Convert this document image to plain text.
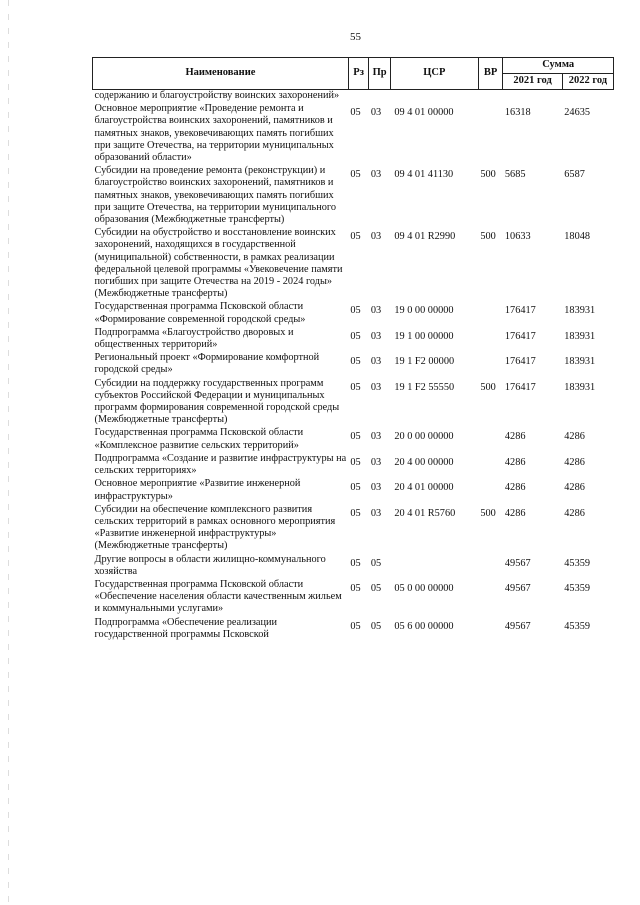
55
Наименование	Рз	Пр	ЦСР	ВР	Сумма	
					2021 год	2022 год
содержанию и благоустройству воинских захоронений»						
Основное мероприятие «Проведение ремонта и благоустройства воинских захоронений, памятников и памятных знаков, увековечивающих память погибших при защите Отечества, на территории муниципальных образований области»	05	03	09 4 01 00000		16318	24635
Субсидии на проведение ремонта (реконструкции) и благоустройство воинских захоронений, памятников и памятных знаков, увековечивающих память погибших при защите Отечества, на территории муниципального образования (Межбюджетные трансферты)	05	03	09 4 01 41130	500	5685	6587
Субсидии на обустройство и восстановление воинских захоронений, находящихся в государственной (муниципальной) собственности, в рамках реализации федеральной целевой программы «Увековечение памяти погибших при защите Отечества на 2019 - 2024 годы» (Межбюджетные трансферты)	05	03	09 4 01 R2990	500	10633	18048
Государственная программа Псковской области «Формирование современной городской среды»	05	03	19 0 00 00000		176417	183931
Подпрограмма «Благоустройство дворовых и общественных территорий»	05	03	19 1 00 00000		176417	183931
Региональный проект «Формирование комфортной городской среды»	05	03	19 1 F2 00000		176417	183931
Субсидии на поддержку государственных программ субъектов Российской Федерации и муниципальных программ формирования современной городской среды (Межбюджетные трансферты)	05	03	19 1 F2 55550	500	176417	183931
Государственная программа Псковской области «Комплексное развитие сельских территорий»	05	03	20 0 00 00000		4286	4286
Подпрограмма «Создание и развитие инфраструктуры на сельских территориях»	05	03	20 4 00 00000		4286	4286
Основное мероприятие «Развитие инженерной инфраструктуры»	05	03	20 4 01 00000		4286	4286
Субсидии на обеспечение комплексного развития сельских территорий в рамках основного мероприятия «Развитие инженерной инфраструктуры» (Межбюджетные трансферты)	05	03	20 4 01 R5760	500	4286	4286
Другие вопросы в области жилищно-коммунального хозяйства	05	05			49567	45359
Государственная программа Псковской области «Обеспечение населения области качественным жильем и коммунальными услугами»	05	05	05 0 00 00000		49567	45359
Подпрограмма «Обеспечение реализации государственной программы Псковской	05	05	05 6 00 00000		49567	45359
